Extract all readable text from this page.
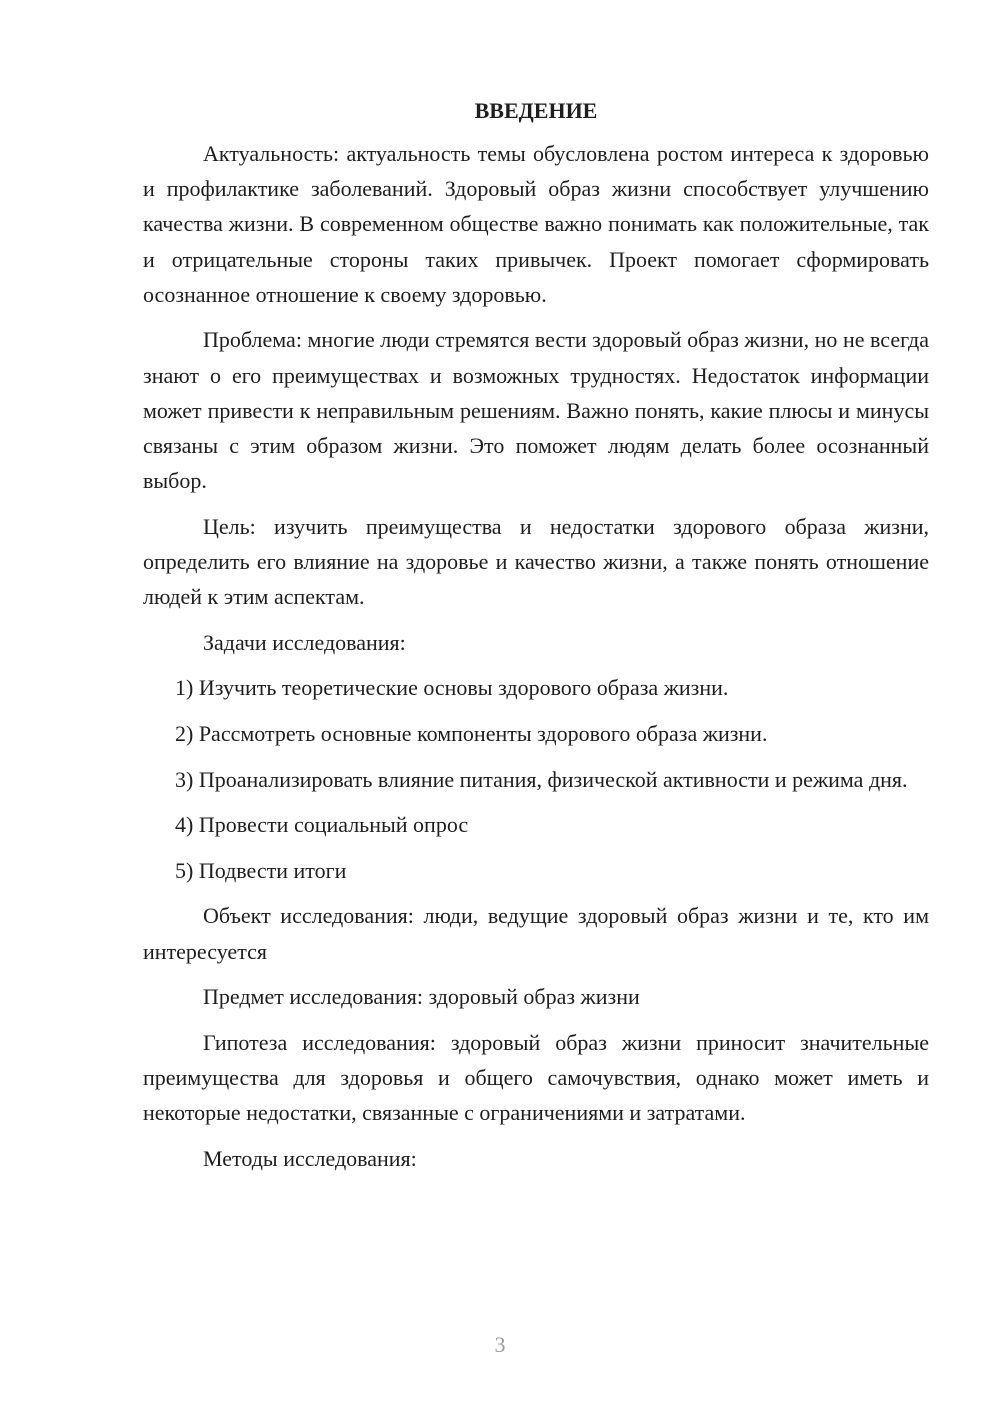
ВВЕДЕНИЕ

Актуальность: актуальность темы обусловлена ростом интереса к здоровью и профилактике заболеваний. Здоровый образ жизни способствует улучшению качества жизни. В современном обществе важно понимать как положительные, так и отрицательные стороны таких привычек. Проект помогает сформировать осознанное отношение к своему здоровью.

Проблема: многие люди стремятся вести здоровый образ жизни, но не всегда знают о его преимуществах и возможных трудностях. Недостаток информации может привести к неправильным решениям. Важно понять, какие плюсы и минусы связаны с этим образом жизни. Это поможет людям делать более осознанный выбор.

Цель: изучить преимущества и недостатки здорового образа жизни, определить его влияние на здоровье и качество жизни, а также понять отношение людей к этим аспектам.

Задачи исследования:

1) Изучить теоретические основы здорового образа жизни.

2) Рассмотреть основные компоненты здорового образа жизни.

3) Проанализировать влияние питания, физической активности и режима дня.

4) Провести социальный опрос

5) Подвести итоги

Объект исследования: люди, ведущие здоровый образ жизни и те, кто им интересуется

Предмет исследования: здоровый образ жизни

Гипотеза исследования: здоровый образ жизни приносит значительные преимущества для здоровья и общего самочувствия, однако может иметь и некоторые недостатки, связанные с ограничениями и затратами.

Методы исследования:

3
